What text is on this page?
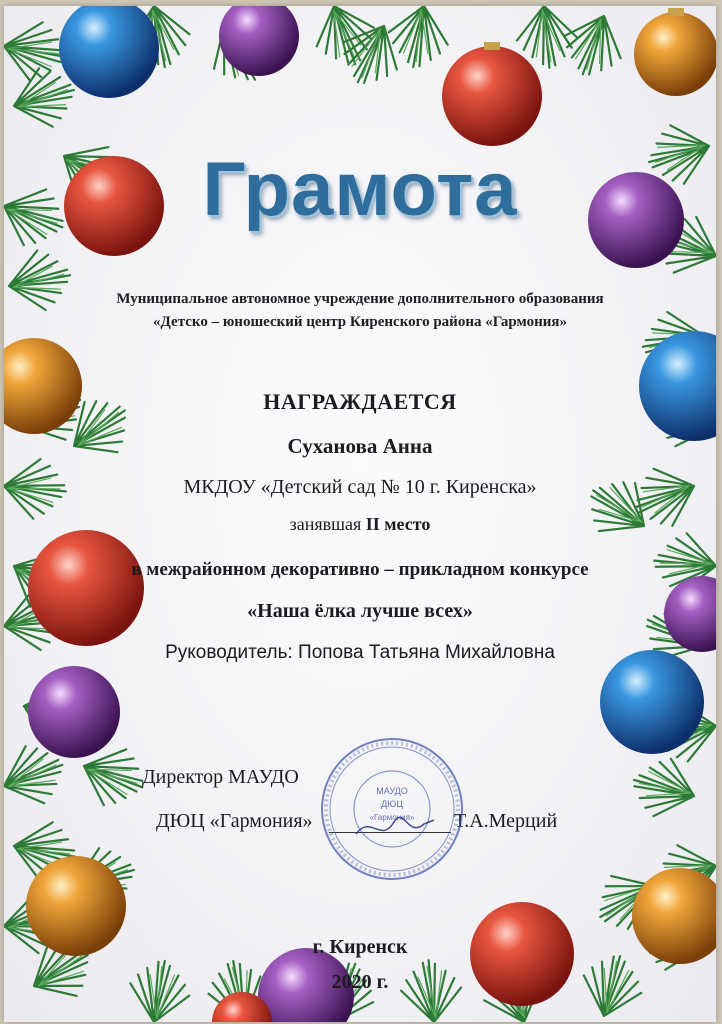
Грамота
Муниципальное автономное учреждение дополнительного образования
«Детско – юношеский центр Киренского района «Гармония»
НАГРАЖДАЕТСЯ
Суханова Анна
МКДОУ «Детский сад № 10 г. Киренска»
занявшая II место
в межрайонном декоративно – прикладном конкурсе
«Наша ёлка лучше всех»
Руководитель: Попова Татьяна Михайловна
Директор МАУДО
ДЮЦ «Гармония»	Т.А.Мерций
МАУДО
ДЮЦ
«Гармония»
г. Киренск
2020 г.
